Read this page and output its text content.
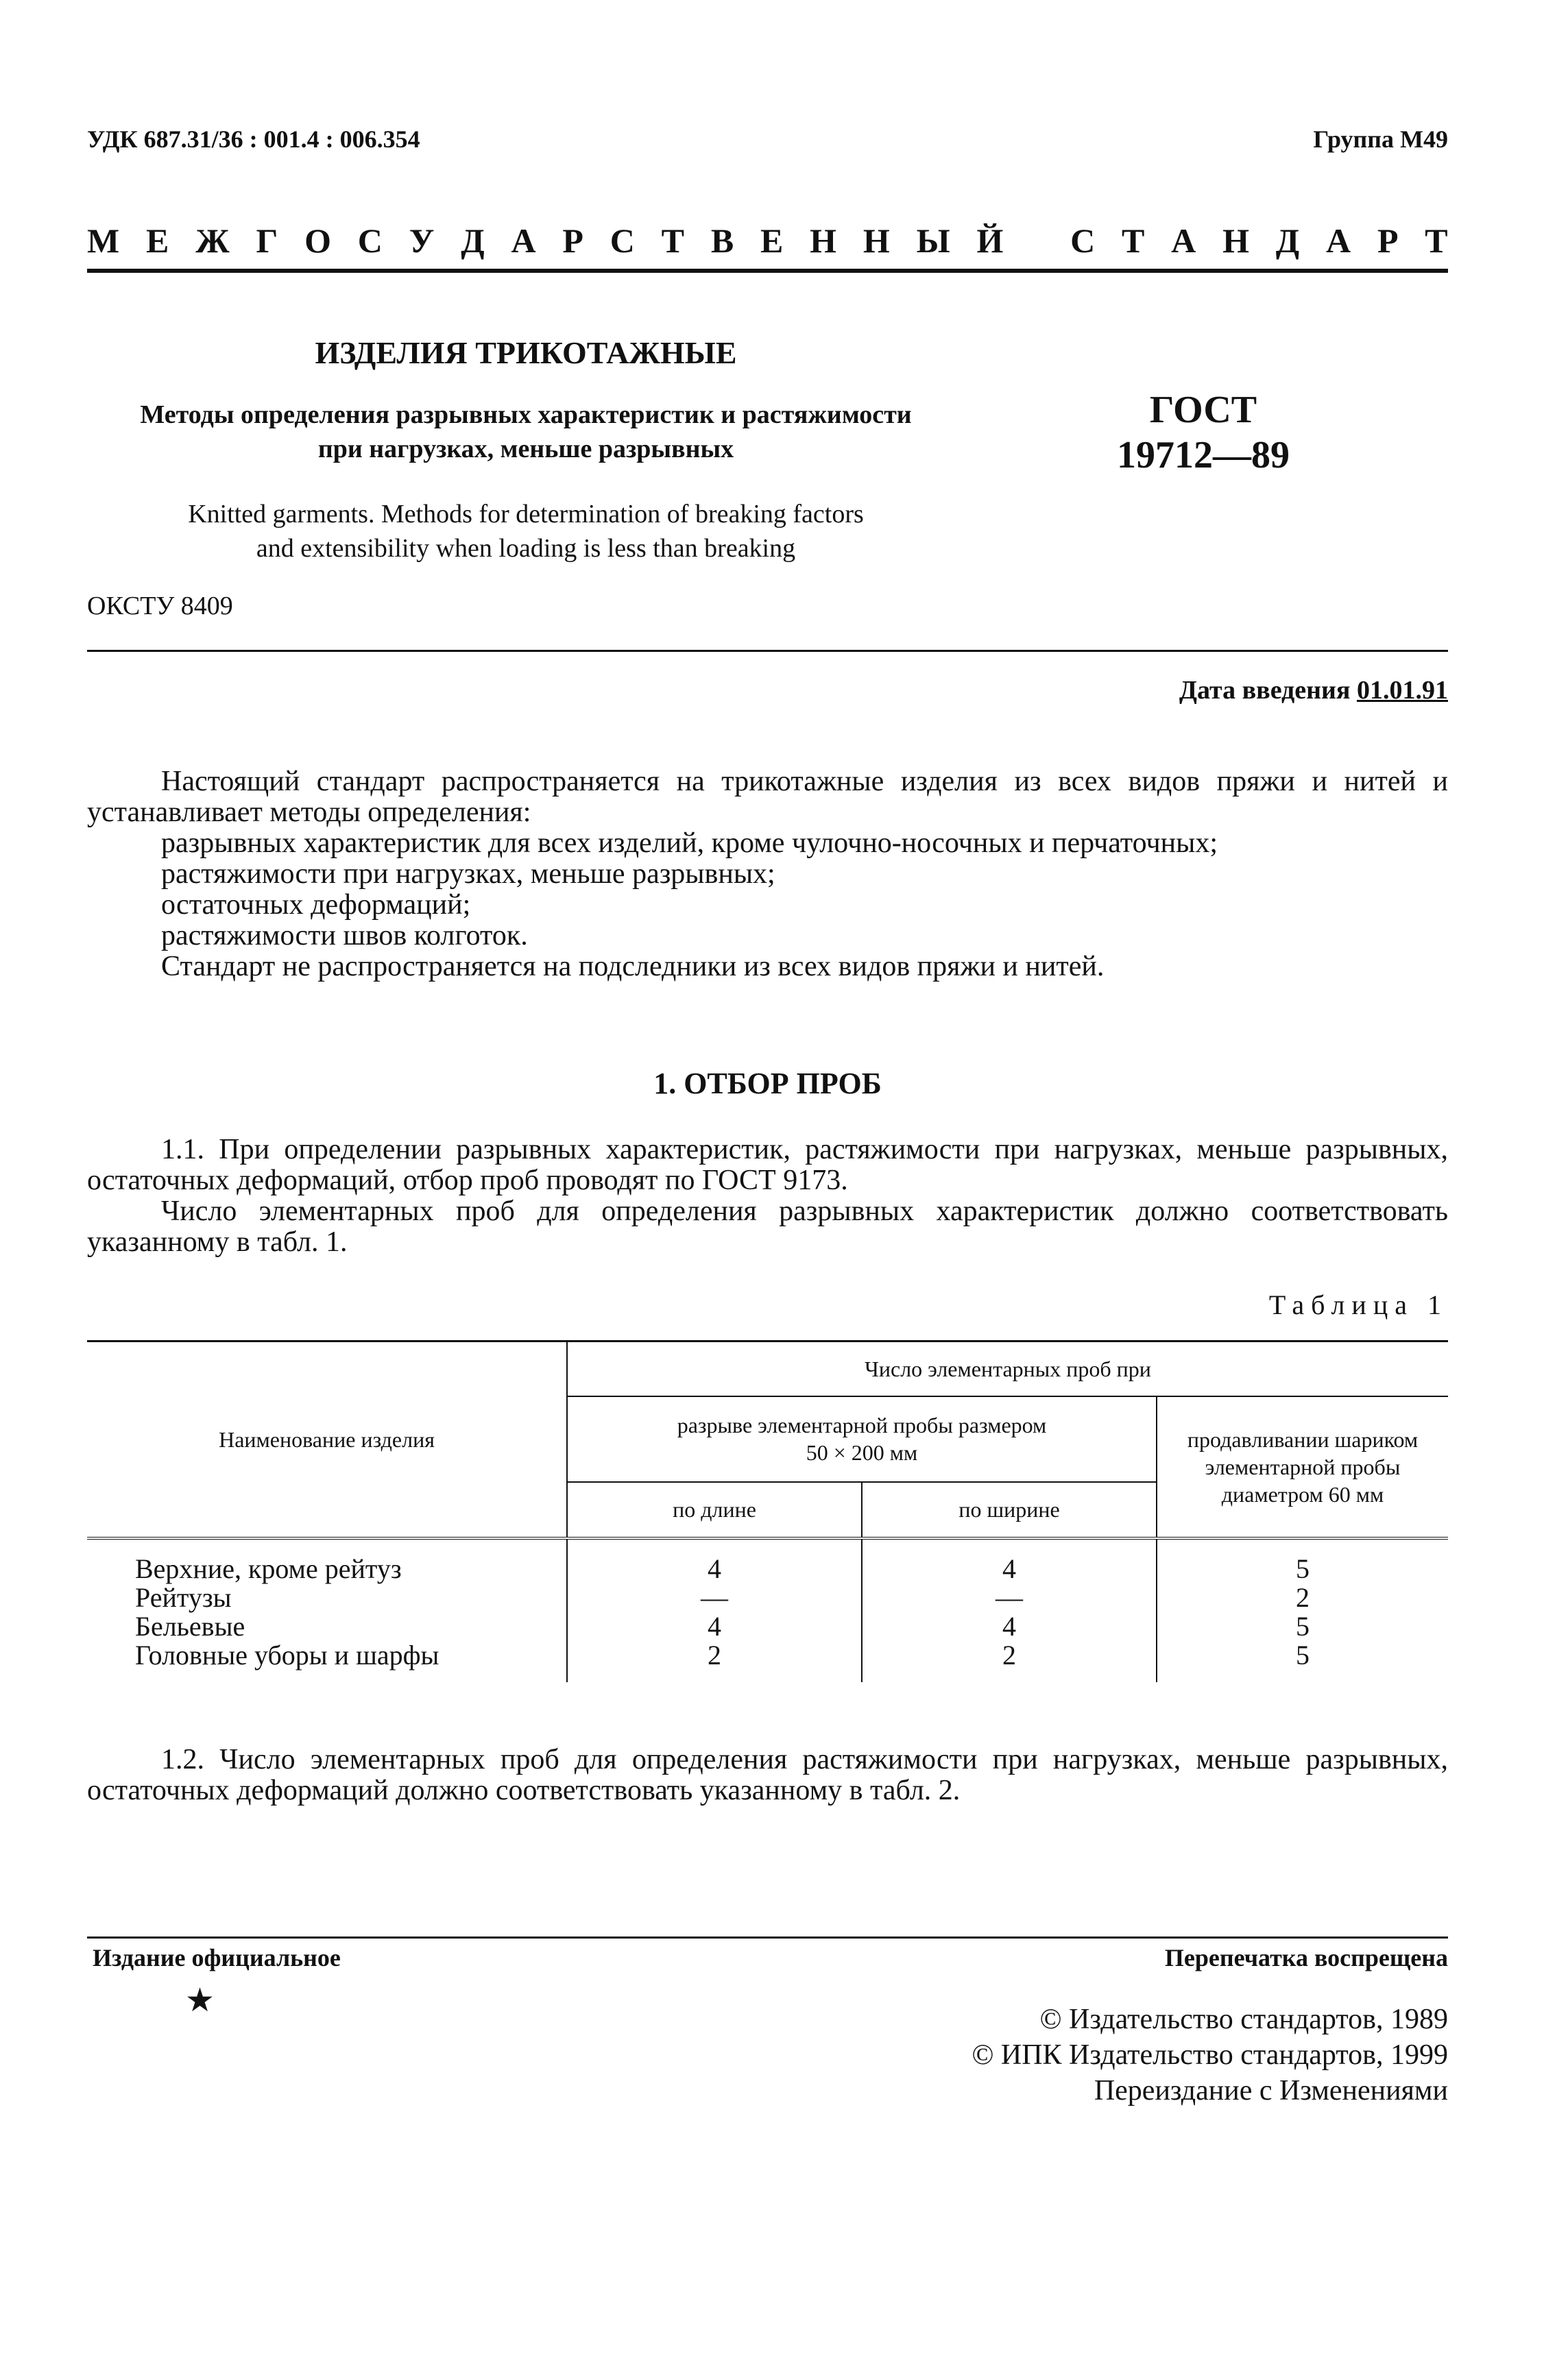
УДК 687.31/36 : 001.4 : 006.354	Группа М49
М Е Ж Г О С У Д А Р С Т В Е Н Н Ы Й С Т А Н Д А Р Т
ИЗДЕЛИЯ ТРИКОТАЖНЫЕ
Методы определения разрывных характеристик и растяжимости
при нагрузках, меньше разрывных
ГОСТ
19712—89
Knitted garments. Methods for determination of breaking factors
and extensibility when loading is less than breaking
ОКСТУ 8409
Дата введения 01.01.91
Настоящий стандарт распространяется на трикотажные изделия из всех видов пряжи и нитей и устанавливает методы определения:
разрывных характеристик для всех изделий, кроме чулочно-носочных и перчаточных;
растяжимости при нагрузках, меньше разрывных;
остаточных деформаций;
растяжимости швов колготок.
Стандарт не распространяется на подследники из всех видов пряжи и нитей.
1. ОТБОР ПРОБ
1.1. При определении разрывных характеристик, растяжимости при нагрузках, меньше разрывных, остаточных деформаций, отбор проб проводят по ГОСТ 9173.
Число элементарных проб для определения разрывных характеристик должно соответствовать указанному в табл. 1.
Таблица 1
Наименование изделия	Число элементарных проб при		

	разрыве элементарной пробы размером
50 × 200 мм		продавливании шариком элементарной пробы диаметром 60 мм
	по длине	по ширине	
Верхние, кроме рейтуз	4	4	5
Рейтузы	—	—	2
Бельевые	4	4	5
Головные уборы и шарфы	2	2	5
1.2. Число элементарных проб для определения растяжимости при нагрузках, меньше разрывных, остаточных деформаций должно соответствовать указанному в табл. 2.
Издание официальное
★
Перепечатка воспрещена
© Издательство стандартов, 1989
© ИПК Издательство стандартов, 1999
Переиздание с Изменениями
